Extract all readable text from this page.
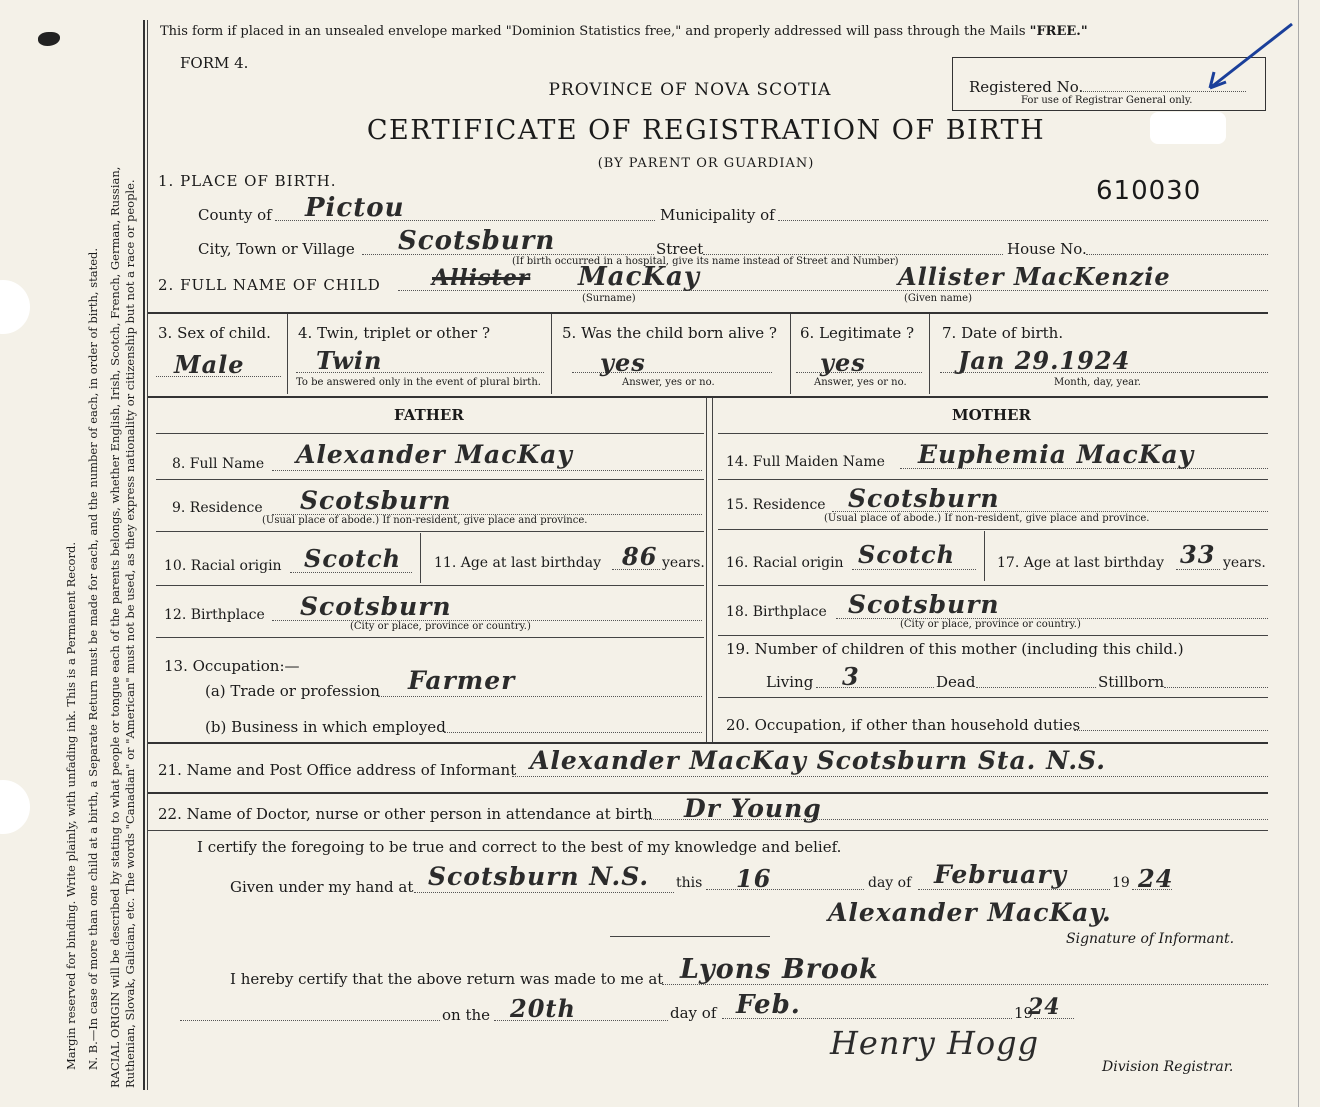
Margin reserved for binding. Write plainly, with unfading ink. This is a Permanent Record. N. B.—In case of more than one child at a birth, a Separate Return must be made for each, and the number of each, in order of birth, stated. RACIAL ORIGIN will be described by stating to what people or tongue each of the parents belongs, whether English, Irish, Scotch, French, German, Russian, Ruthenian, Slovak, Galician, etc. The words "Canadian" or "American" must not be used, as they express nationality or citizenship but not a race or people.
This form if placed in an unsealed envelope marked "Dominion Statistics free," and properly addressed will pass through the Mails "FREE."
FORM 4.
Registered No.
For use of Registrar General only.
PROVINCE OF NOVA SCOTIA
CERTIFICATE OF REGISTRATION OF BIRTH
(BY PARENT OR GUARDIAN)
610030
1. PLACE OF BIRTH.
County of Pictou	Municipality of
City, Town or Village Scotsburn	Street	House No.
(If birth occurred in a hospital, give its name instead of Street and Number)
2. FULL NAME OF CHILD Allister MacKay
(Surname)
Allister MacKenzie
(Given name)
3. Sex of child.
Male
4. Twin, triplet or other ?
Twin
To be answered only in the event of plural birth.
5. Was the child born alive ?
yes
Answer, yes or no.
6. Legitimate ?
yes
Answer, yes or no.
7. Date of birth.
Jan 29.1924
Month, day, year.
FATHER	MOTHER
8. Full Name Alexander MacKay
9. Residence Scotsburn
(Usual place of abode.) If non-resident, give place and province.
10. Racial origin Scotch 11. Age at last birthday 86 years.
12. Birthplace Scotsburn
(City or place, province or country.)
13. Occupation:—
(a) Trade or profession Farmer
(b) Business in which employed
14. Full Maiden Name Euphemia MacKay
15. Residence Scotsburn
(Usual place of abode.) If non-resident, give place and province.
16. Racial origin Scotch	17. Age at last birthday 33 years.
18. Birthplace Scotsburn
(City or place, province or country.)
19. Number of children of this mother (including this child.)
Living 3	Dead	Stillborn
20. Occupation, if other than household duties
21. Name and Post Office address of Informant Alexander MacKay Scotsburn Sta. N.S.
22. Name of Doctor, nurse or other person in attendance at birth Dr Young
I certify the foregoing to be true and correct to the best of my knowledge and belief.
Given under my hand at Scotsburn N.S. this 16	day of February	19 24
Alexander MacKay.
Signature of Informant.
I hereby certify that the above return was made to me at Lyons Brook
on the 20th	day of Feb.	19
24
Henry Hogg
Division Registrar.
